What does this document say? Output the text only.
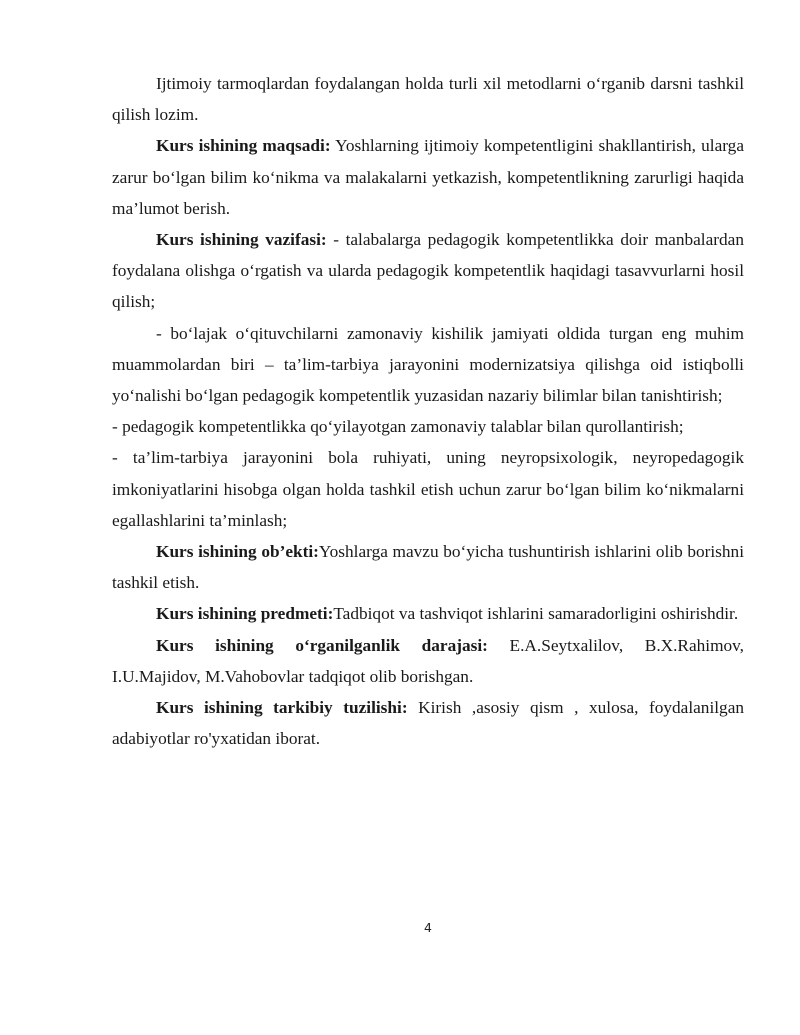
Ijtimoiy tarmoqlardan foydalangan holda turli xil metodlarni o‘rganib darsni tashkil qilish lozim.

Kurs ishining maqsadi: Yoshlarning ijtimoiy kompetentligini shakllantirish, ularga zarur bo‘lgan bilim ko‘nikma va malakalarni yetkazish, kompetentlikning zarurligi haqida ma’lumot berish.

Kurs ishining vazifasi: - talabalarga pedagogik kompetentlikka doir manbalardan foydalana olishga o‘rgatish va ularda pedagogik kompetentlik haqidagi tasavvurlarni hosil qilish;

- bo‘lajak o‘qituvchilarni zamonaviy kishilik jamiyati oldida turgan eng muhim muammolardan biri – ta’lim-tarbiya jarayonini modernizatsiya qilishga oid istiqbolli yo‘nalishi bo‘lgan pedagogik kompetentlik yuzasidan nazariy bilimlar bilan tanishtirish;

- pedagogik kompetentlikka qo‘yilayotgan zamonaviy talablar bilan qurollantirish;

- ta’lim-tarbiya jarayonini bola ruhiyati, uning neyropsixologik, neyropedagogik imkoniyatlarini hisobga olgan holda tashkil etish uchun zarur bo‘lgan bilim ko‘nikmalarni egallashlarini ta’minlash;

Kurs ishining ob’ekti:Yoshlarga mavzu bo‘yicha tushuntirish ishlarini olib borishni tashkil etish.

Kurs ishining predmeti:Tadbiqot va tashviqot ishlarini samaradorligini oshirishdir.

Kurs ishining o‘rganilganlik darajasi: E.A.Seytxalilov, B.X.Rahimov, I.U.Majidov, M.Vahobovlar tadqiqot olib borishgan.

Kurs ishining tarkibiy tuzilishi: Kirish ,asosiy qism , xulosa, foydalanilgan adabiyotlar ro'yxatidan iborat.

4
